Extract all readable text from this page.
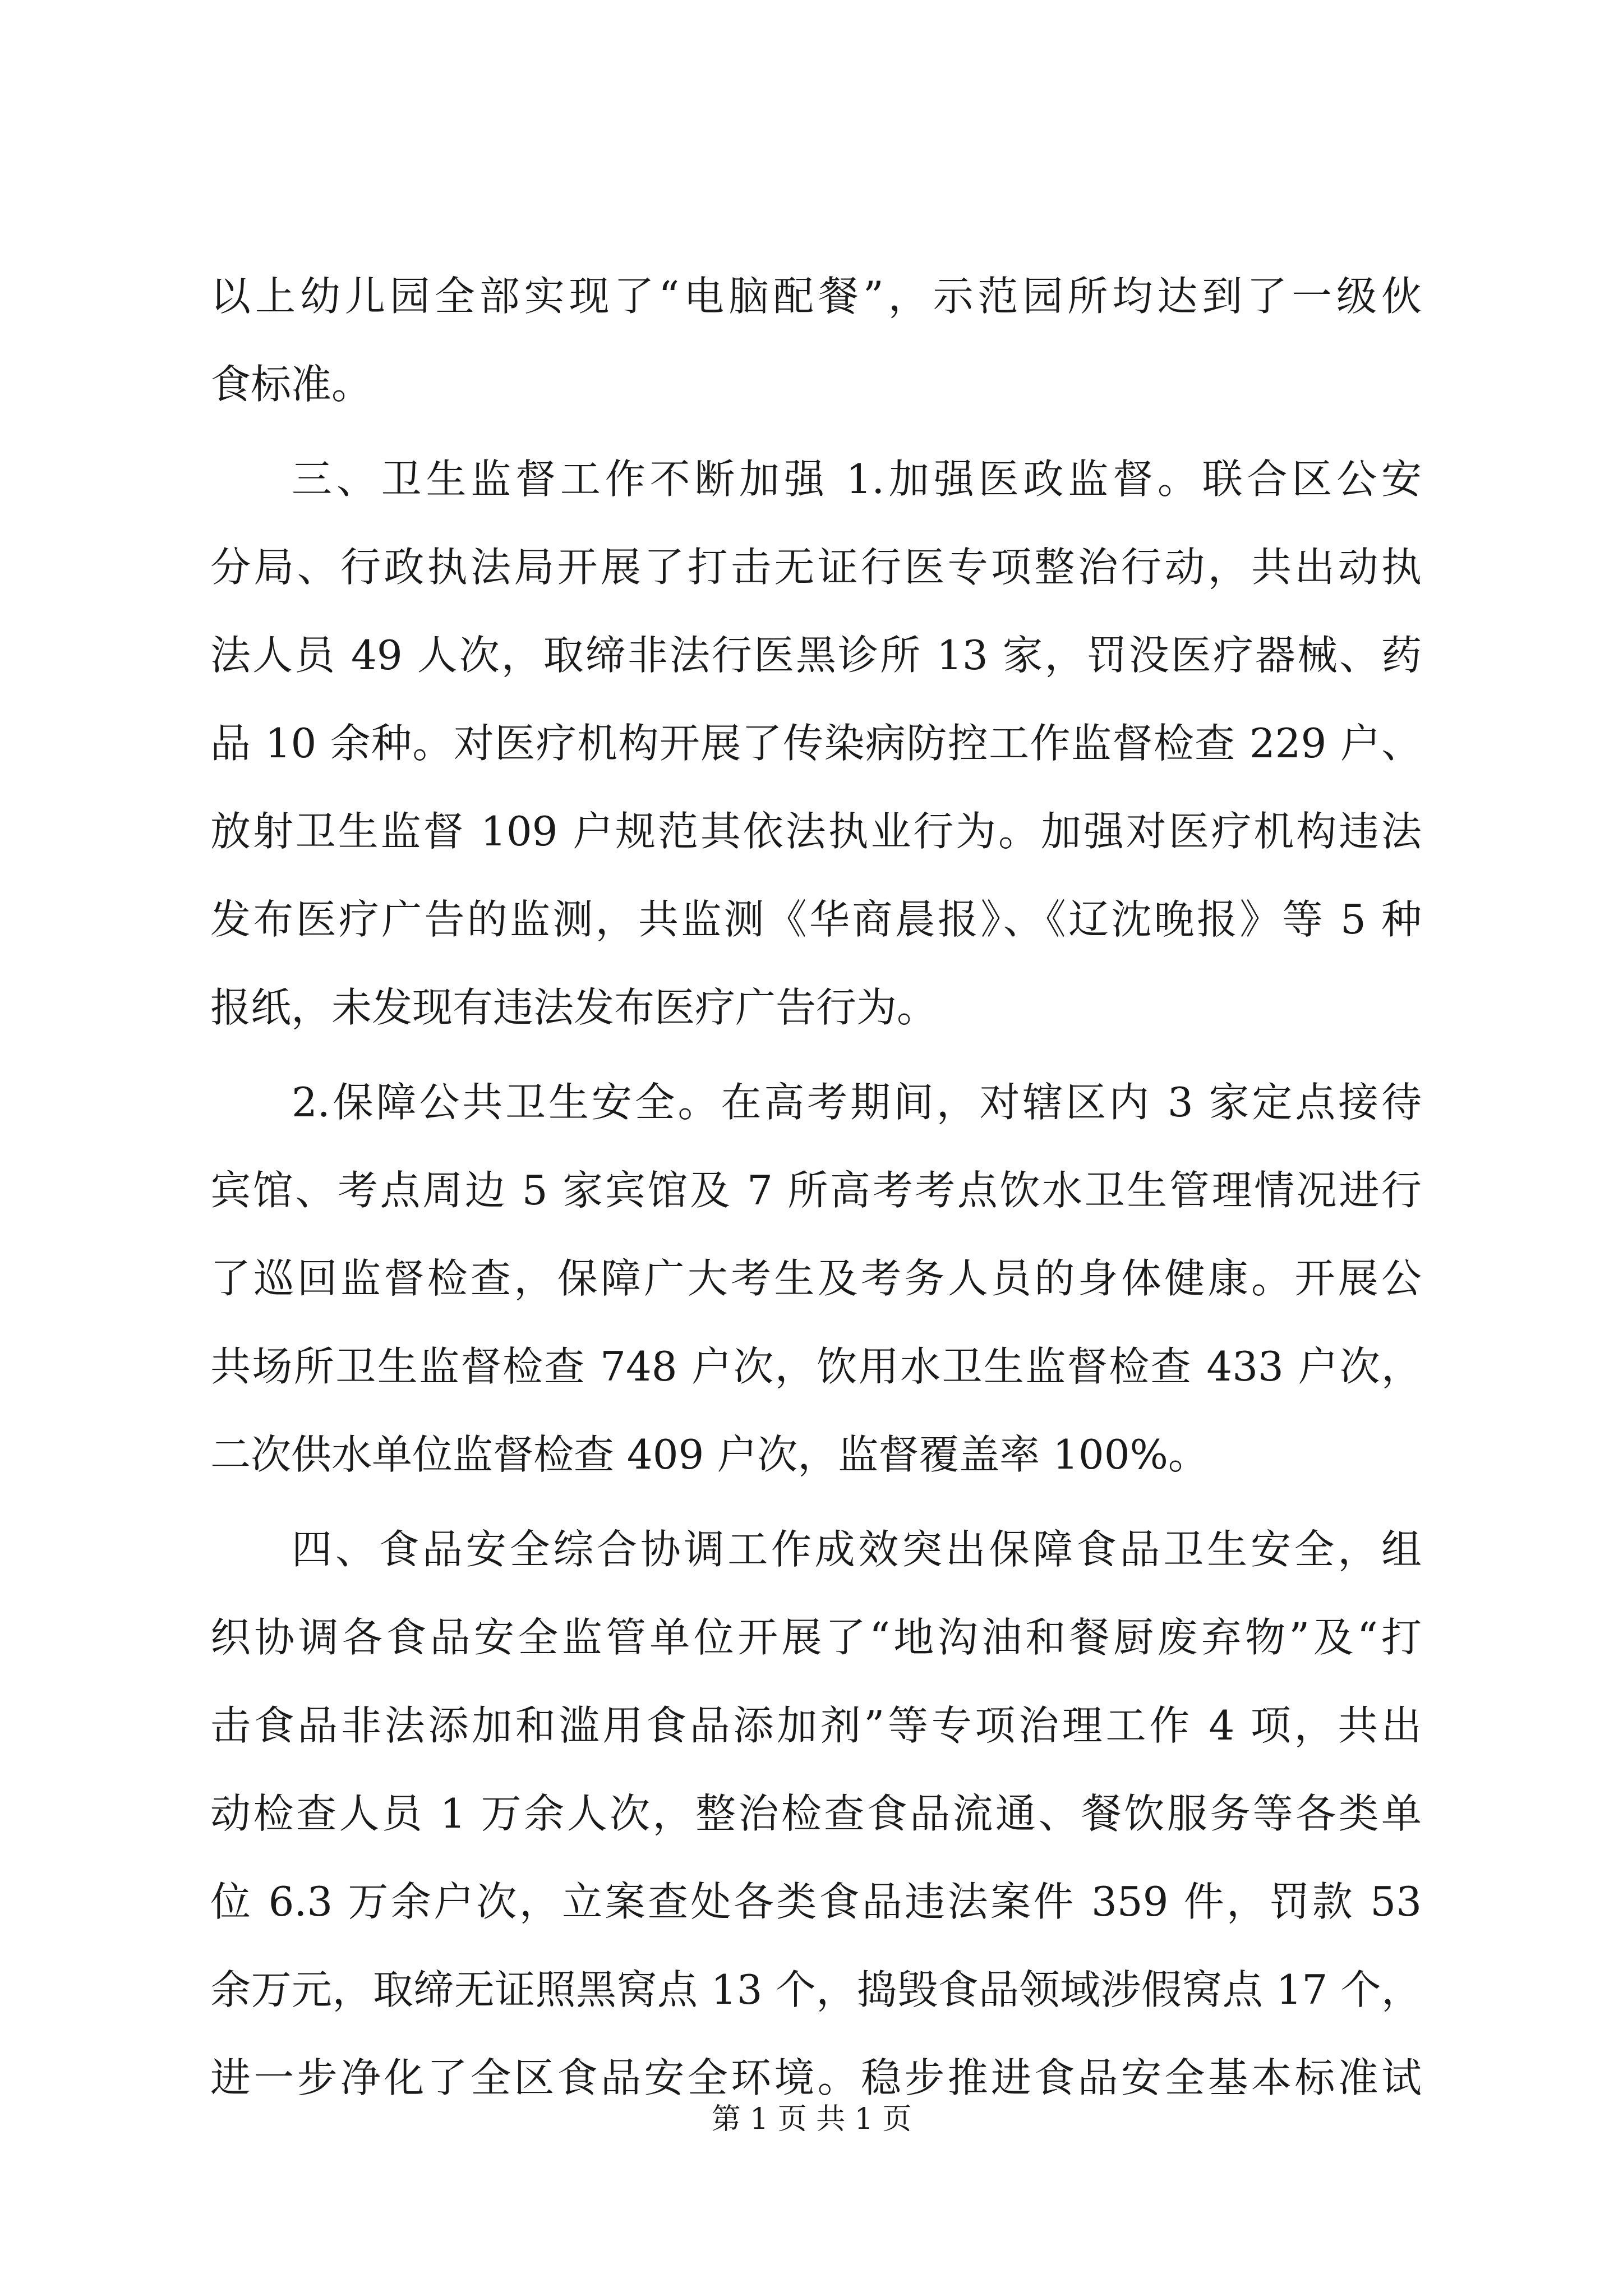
以上幼儿园全部实现了“电脑配餐”，示范园所均达到了一级伙
食标准。
三、卫生监督工作不断加强 1.加强医政监督。联合区公安
分局、行政执法局开展了打击无证行医专项整治行动，共出动执
法人员 49 人次，取缔非法行医黑诊所 13 家，罚没医疗器械、药
品 10 余种。对医疗机构开展了传染病防控工作监督检查 229 户、
放射卫生监督 109 户规范其依法执业行为。加强对医疗机构违法
发布医疗广告的监测，共监测《华商晨报》、《辽沈晚报》等 5 种
报纸，未发现有违法发布医疗广告行为。
2.保障公共卫生安全。在高考期间，对辖区内 3 家定点接待
宾馆、考点周边 5 家宾馆及 7 所高考考点饮水卫生管理情况进行
了巡回监督检查，保障广大考生及考务人员的身体健康。开展公
共场所卫生监督检查 748 户次，饮用水卫生监督检查 433 户次，
二次供水单位监督检查 409 户次，监督覆盖率 100%。
四、食品安全综合协调工作成效突出保障食品卫生安全，组
织协调各食品安全监管单位开展了“地沟油和餐厨废弃物”及“打
击食品非法添加和滥用食品添加剂”等专项治理工作 4 项，共出
动检查人员 1 万余人次，整治检查食品流通、餐饮服务等各类单
位 6.3 万余户次，立案查处各类食品违法案件 359 件，罚款 53
余万元，取缔无证照黑窝点 13 个，捣毁食品领域涉假窝点 17 个，
进一步净化了全区食品安全环境。稳步推进食品安全基本标准试
第 1 页 共 1 页
